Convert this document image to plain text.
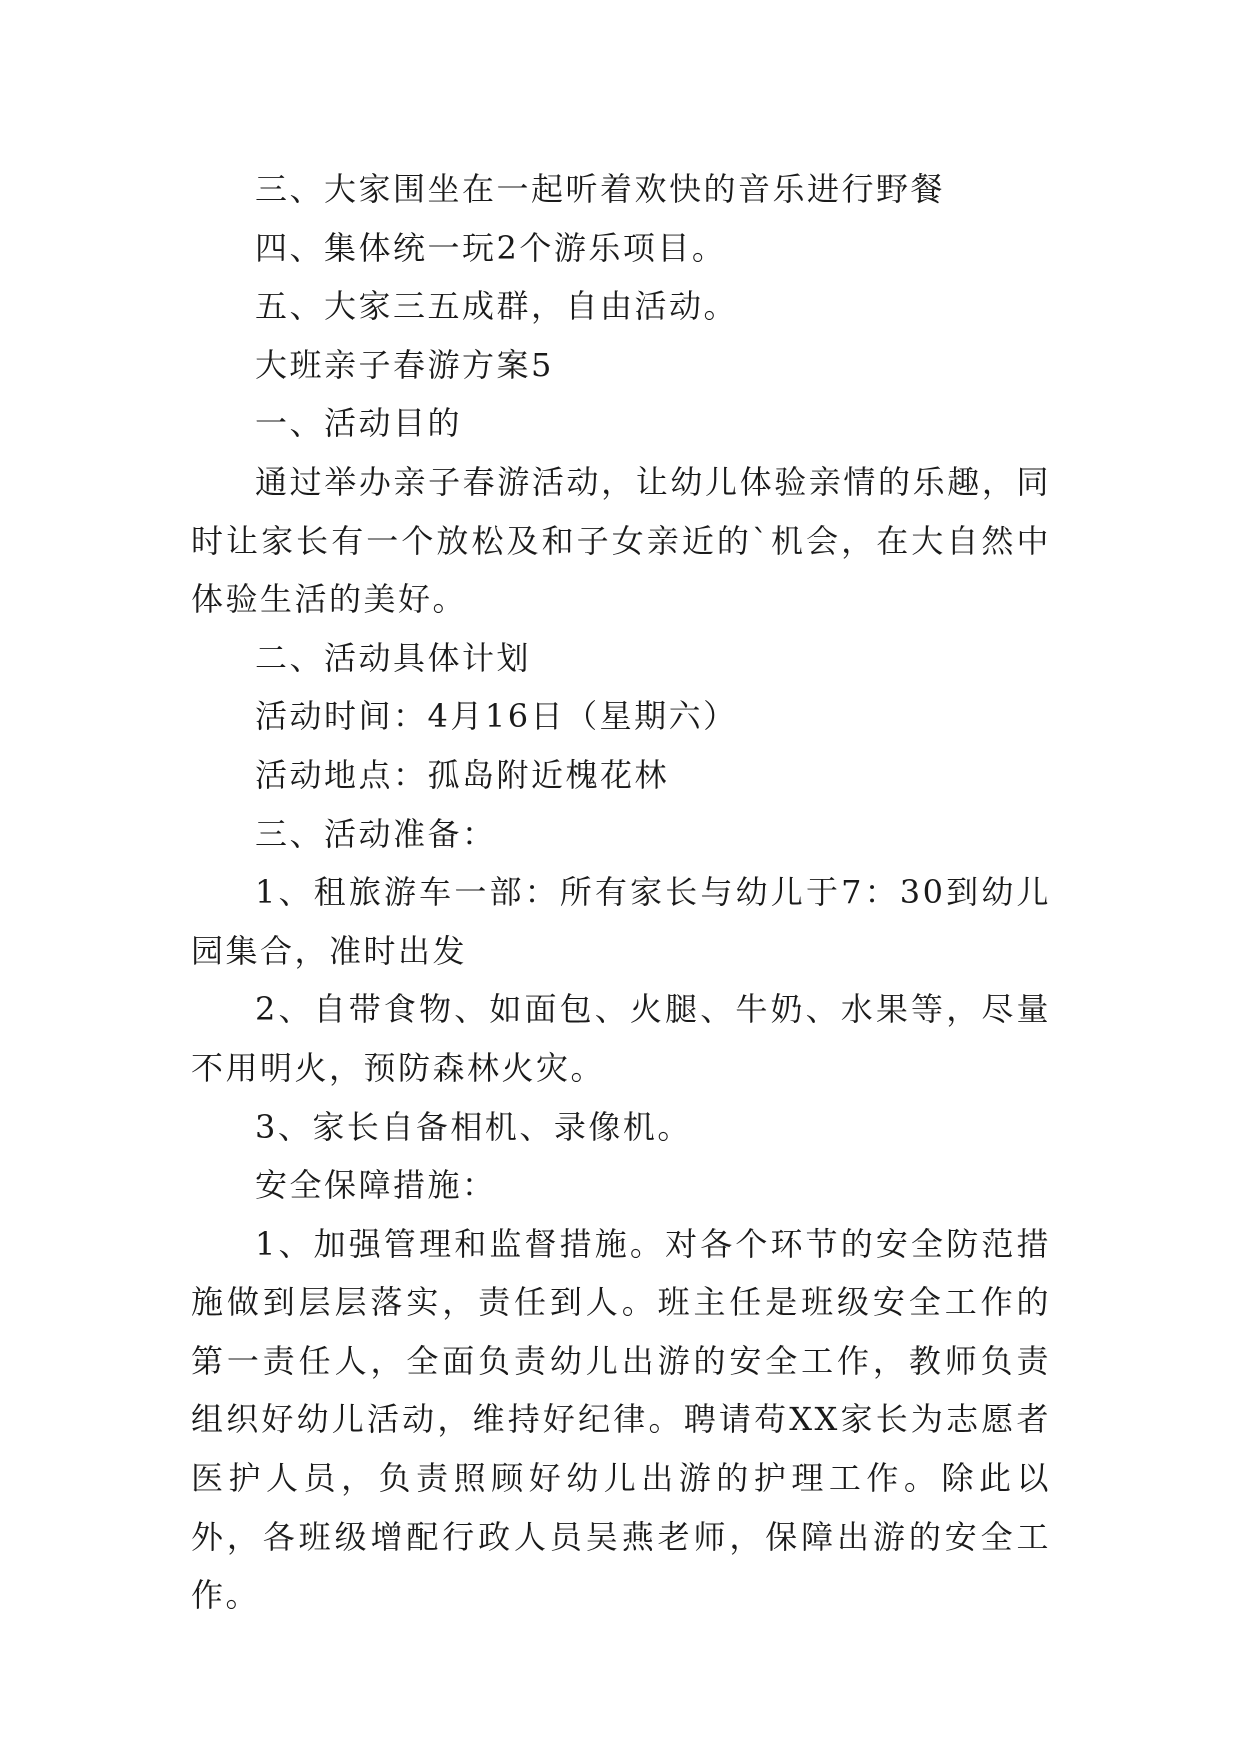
三、大家围坐在一起听着欢快的音乐进行野餐

四、集体统一玩2个游乐项目。

五、大家三五成群，自由活动。

大班亲子春游方案5

一、活动目的

通过举办亲子春游活动，让幼儿体验亲情的乐趣，同时让家长有一个放松及和子女亲近的`机会，在大自然中体验生活的美好。

二、活动具体计划

活动时间：4月16日（星期六）

活动地点：孤岛附近槐花林

三、活动准备：

1、租旅游车一部：所有家长与幼儿于7：30到幼儿园集合，准时出发

2、自带食物、如面包、火腿、牛奶、水果等，尽量不用明火，预防森林火灾。

3、家长自备相机、录像机。

安全保障措施：

1、加强管理和监督措施。对各个环节的安全防范措施做到层层落实，责任到人。班主任是班级安全工作的第一责任人，全面负责幼儿出游的安全工作，教师负责组织好幼儿活动，维持好纪律。聘请苟XX家长为志愿者医护人员，负责照顾好幼儿出游的护理工作。除此以外，各班级增配行政人员吴燕老师，保障出游的安全工作。
